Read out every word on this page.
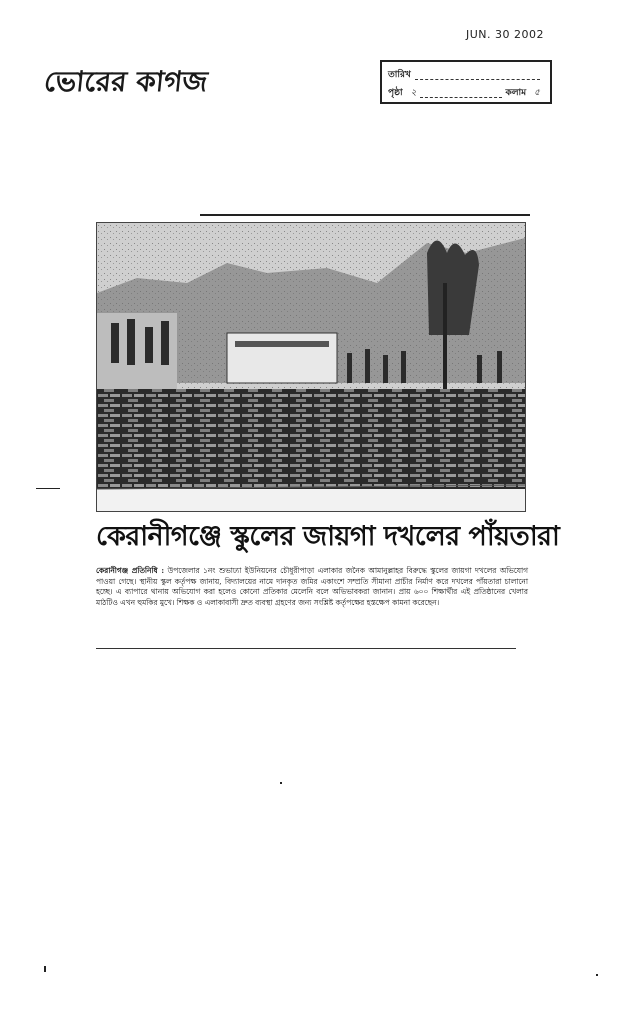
JUN. 30 2002
ভোরের কাগজ	তারিখ
পৃষ্ঠা ২	কলাম ৫
কেরানীগঞ্জে স্কুলের জায়গা দখলের পাঁয়তারা
কেরানীগঞ্জ প্রতিনিধি : উপজেলার ১নং শুভাঢ্যা ইউনিয়নের চৌধুরীপাড়া এলাকার জনৈক আমানুল্লাহর বিরুদ্ধে স্কুলের জায়গা দখলের অভিযোগ পাওয়া গেছে। স্থানীয় স্কুল কর্তৃপক্ষ জানায়, বিদ্যালয়ের নামে দানকৃত জমির একাংশে সম্প্রতি সীমানা প্রাচীর নির্মাণ করে দখলের পাঁয়তারা চালানো হচ্ছে। এ ব্যাপারে থানায় অভিযোগ করা হলেও কোনো প্রতিকার মেলেনি বলে অভিভাবকরা জানান। প্রায় ৬০০ শিক্ষার্থীর এই প্রতিষ্ঠানের খেলার মাঠটিও এখন হুমকির মুখে। শিক্ষক ও এলাকাবাসী দ্রুত ব্যবস্থা গ্রহণের জন্য সংশ্লিষ্ট কর্তৃপক্ষের হস্তক্ষেপ কামনা করেছেন।
